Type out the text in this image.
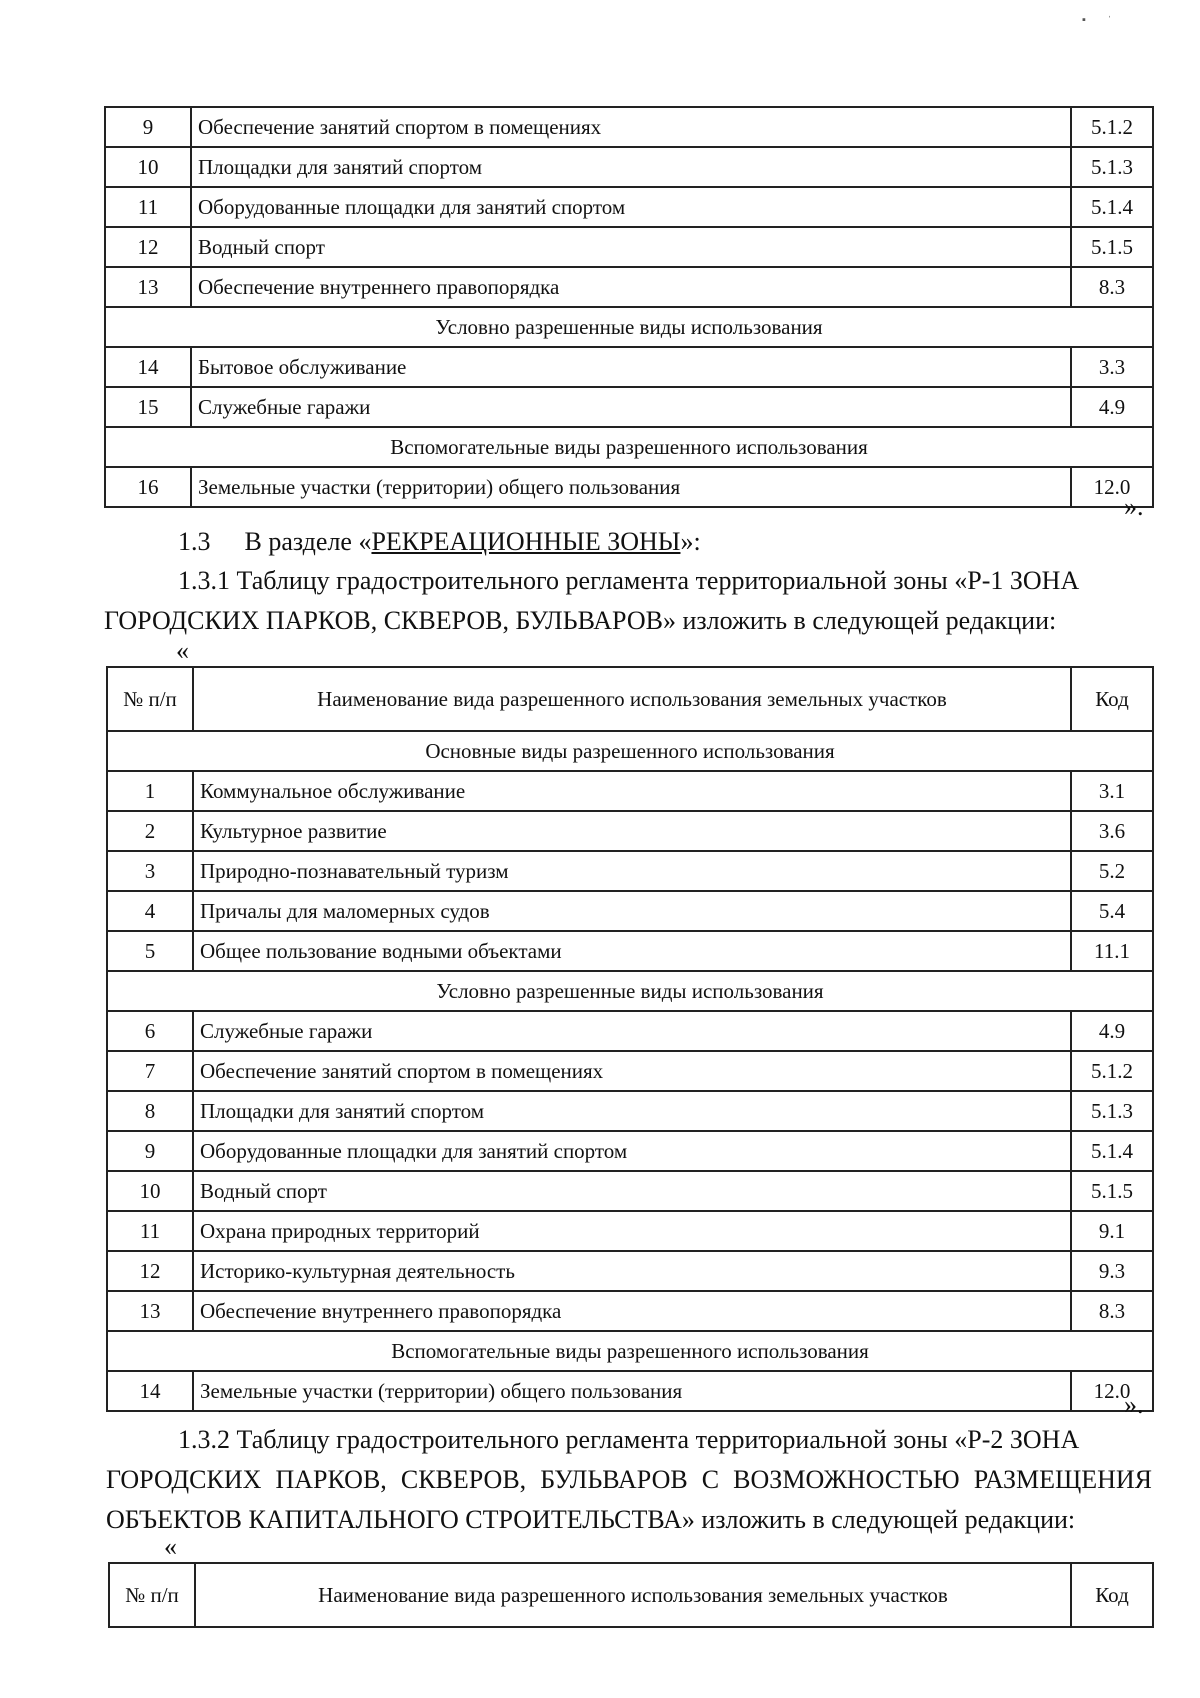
▪ ˈ
9	Обеспечение занятий спортом в помещениях	5.1.2
10	Площадки для занятий спортом	5.1.3
11	Оборудованные площадки для занятий спортом	5.1.4
12	Водный спорт	5.1.5
13	Обеспечение внутреннего правопорядка	8.3
Условно разрешенные виды использования		
14	Бытовое обслуживание	3.3
15	Служебные гаражи	4.9
Вспомогательные виды разрешенного использования		
16	Земельные участки (территории) общего пользования	12.0
».
1.3 В разделе «РЕКРЕАЦИОННЫЕ ЗОНЫ»:
1.3.1 Таблицу градостроительного регламента территориальной зоны «Р-1 ЗОНА
ГОРОДСКИХ ПАРКОВ, СКВЕРОВ, БУЛЬВАРОВ» изложить в следующей редакции:
«
№ п/п	Наименование вида разрешенного использования земельных участков	Код
Основные виды разрешенного использования		
1	Коммунальное обслуживание	3.1
2	Культурное развитие	3.6
3	Природно-познавательный туризм	5.2
4	Причалы для маломерных судов	5.4
5	Общее пользование водными объектами	11.1
Условно разрешенные виды использования		
6	Служебные гаражи	4.9
7	Обеспечение занятий спортом в помещениях	5.1.2
8	Площадки для занятий спортом	5.1.3
9	Оборудованные площадки для занятий спортом	5.1.4
10	Водный спорт	5.1.5
11	Охрана природных территорий	9.1
12	Историко-культурная деятельность	9.3
13	Обеспечение внутреннего правопорядка	8.3
Вспомогательные виды разрешенного использования		
14	Земельные участки (территории) общего пользования	12.0
».
1.3.2 Таблицу градостроительного регламента территориальной зоны «Р-2 ЗОНА
ГОРОДСКИХ ПАРКОВ, СКВЕРОВ, БУЛЬВАРОВ С ВОЗМОЖНОСТЬЮ РАЗМЕЩЕНИЯ
ОБЪЕКТОВ КАПИТАЛЬНОГО СТРОИТЕЛЬСТВА» изложить в следующей редакции:
«
№ п/п	Наименование вида разрешенного использования земельных участков	Код
